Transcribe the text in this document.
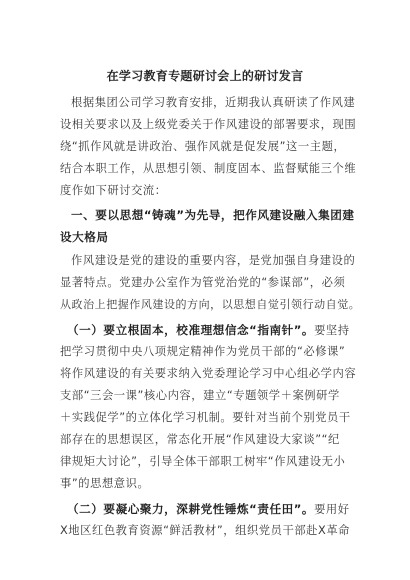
在学习教育专题研讨会上的研讨发言
根据集团公司学习教育安排，近期我认真研读了作风建
设相关要求以及上级党委关于作风建设的部署要求，现围
绕“抓作风就是讲政治、强作风就是促发展”这一主题，
结合本职工作，从思想引领、制度固本、监督赋能三个维
度作如下研讨交流：
一、要以思想“铸魂”为先导，把作风建设融入集团建
设大格局
作风建设是党的建设的重要内容，是党加强自身建设的
显著特点。党建办公室作为管党治党的“参谋部”，必须
从政治上把握作风建设的方向，以思想自觉引领行动自觉。
（一）要立根固本，校准理想信念“指南针”。要坚持
把学习贯彻中央八项规定精神作为党员干部的“必修课”
将作风建设的有关要求纳入党委理论学习中心组必学内容
支部“三会一课”核心内容，建立“专题领学＋案例研学
＋实践促学”的立体化学习机制。要针对当前个别党员干
部存在的思想误区，常态化开展“作风建设大家谈”“纪
律规矩大讨论”，引导全体干部职工树牢“作风建设无小
事”的思想意识。
（二）要凝心聚力，深耕党性锤炼“责任田”。要用好
X地区红色教育资源“鲜活教材”，组织党员干部赴X革命
